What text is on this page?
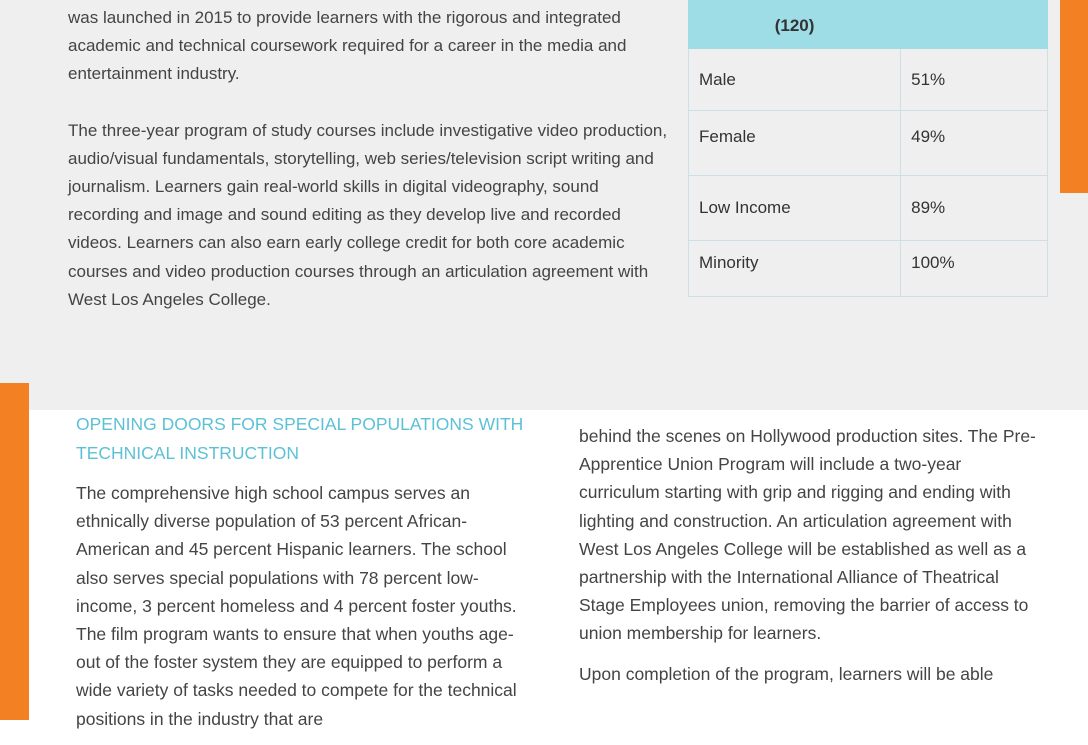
was launched in 2015 to provide learners with the rigorous and integrated academic and technical coursework required for a career in the media and entertainment industry.

The three-year program of study courses include investigative video production, audio/visual fundamentals, storytelling, web series/television script writing and journalism. Learners gain real-world skills in digital videography, sound recording and image and sound editing as they develop live and recorded videos. Learners can also earn early college credit for both core academic courses and video production courses through an articulation agreement with West Los Angeles College.

(120)	
Male	51%
Female	49%
Low Income	89%
Minority	100%
OPENING DOORS FOR SPECIAL POPULATIONS WITH TECHNICAL INSTRUCTION

The comprehensive high school campus serves an ethnically diverse population of 53 percent African-American and 45 percent Hispanic learners. The school also serves special populations with 78 percent low-income, 3 percent homeless and 4 percent foster youths. The film program wants to ensure that when youths age-out of the foster system they are equipped to perform a wide variety of tasks needed to compete for the technical positions in the industry that are

behind the scenes on Hollywood production sites. The Pre-Apprentice Union Program will include a two-year curriculum starting with grip and rigging and ending with lighting and construction. An articulation agreement with West Los Angeles College will be established as well as a partnership with the International Alliance of Theatrical Stage Employees union, removing the barrier of access to union membership for learners.

Upon completion of the program, learners will be able
